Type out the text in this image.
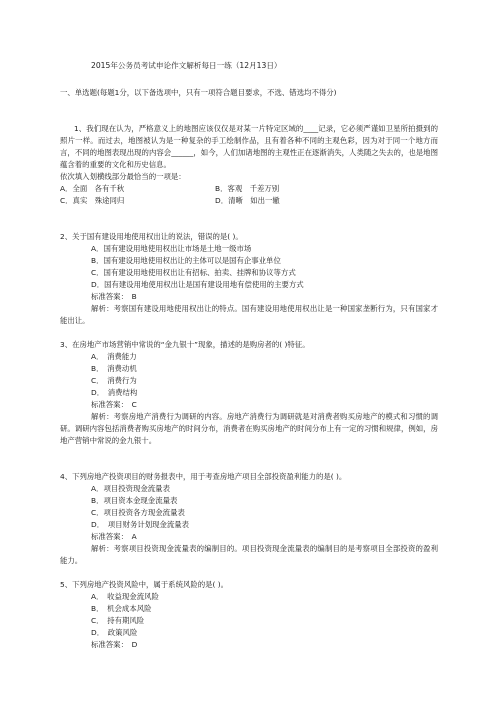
2015年公务员考试申论作文解析每日一练（12月13日）
一、单选题(每题1分，以下备选项中，只有一项符合题目要求，不选、错选均不得分)

1、我们现在认为，严格意义上的地图应该仅仅是对某一片特定区域的____记录，它必须严谨如卫星所拍摄到的照片一样。而过去，地图被认为是一种复杂的手工绘制作品，且有着各种不同的主观色彩，因为对于同一个地方而言，不同的地图表现出现的内容会______，如今，人们加诸地图的主观性正在逐渐消失，人类随之失去的，也是地图蕴含着的重要的文化和历史信息。

依次填入划横线部分最恰当的一项是：

A．全面　各有千秋	B．客观　千差万别
C．真实　殊途同归	D．清晰　如出一辙

2、关于国有建设用地使用权出让的说法，错误的是( )。

A．国有建设用地使用权出让市场是土地一级市场
B．国有建设用地使用权出让的主体可以是国有企事业单位
C．国有建设用地使用权出让有招标、拍卖、挂牌和协议等方式
D．国有建设用地使用权出让是国有建设用地有偿使用的主要方式
标准答案：　B

解析：考察国有建设用地使用权出让的特点。国有建设用地使用权出让是一种国家垄断行为，只有国家才能出让。

3、在房地产市场营销中常说的“金九银十”现象，描述的是购房者的( )特征。

A．　消费能力
B．　消费动机
C．　消费行为
D．　消费结构
标准答案：　C

解析：考察房地产消费行为调研的内容。房地产消费行为调研就是对消费者购买房地产的模式和习惯的调研。调研内容包括消费者购买房地产的时间分布，消费者在购买房地产的时间分布上有一定的习惯和规律，例如，房地产营销中常说的金九银十。

4、下列房地产投资项目的财务报表中，用于考查房地产项目全部投资盈利能力的是( )。

A．项目投资现金流量表
B．项目资本金现金流量表
C．项目投资各方现金流量表
D．　项目财务计划现金流量表
标准答案：　A

解析：考察项目投资现金流量表的编制目的。项目投资现金流量表的编制目的是考察项目全部投资的盈利能力。

5、下列房地产投资风险中，属于系统风险的是( )。

A．　收益现金流风险
B．　机会成本风险
C．　持有期风险
D．　政策风险
标准答案：　D
